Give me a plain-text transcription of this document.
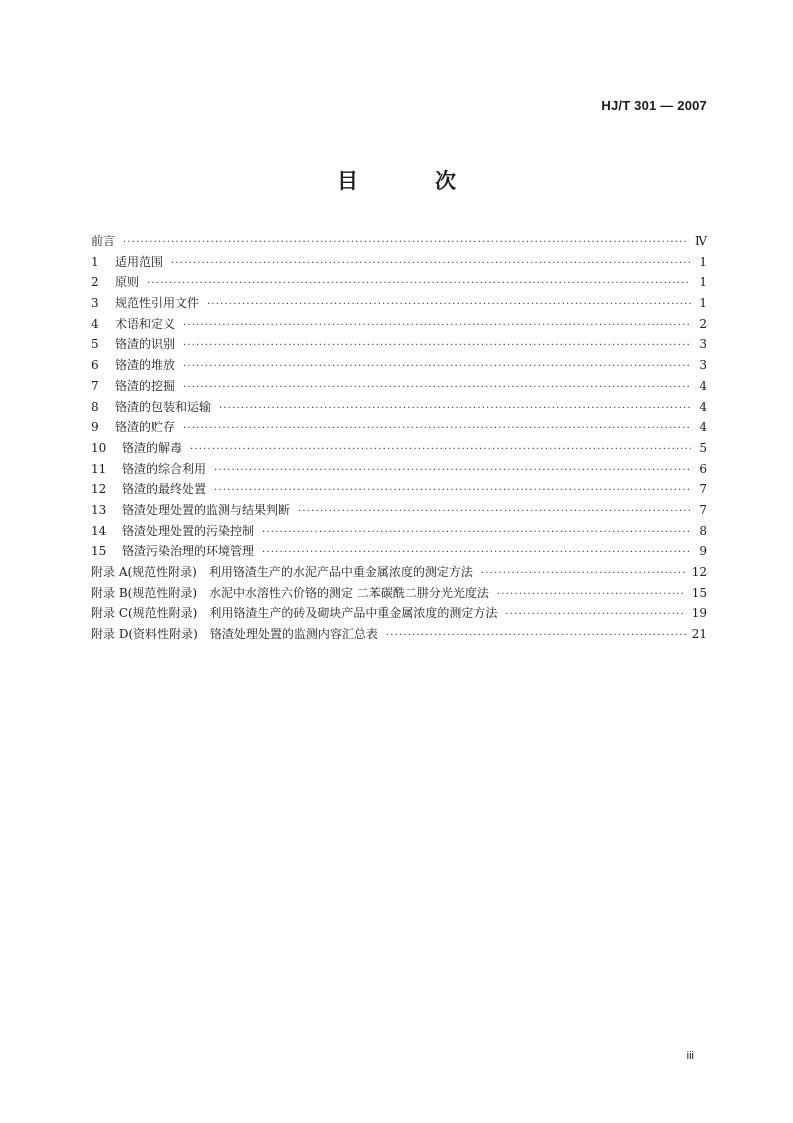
HJ/T 301 — 2007
目　次
前言 ·····	Ⅳ
1	适用范围 ·····	1
2	原则 ·····	1
3	规范性引用文件 ·····	1
4	术语和定义 ·····	2
5	铬渣的识别 ·····	3
6	铬渣的堆放 ·····	3
7	铬渣的挖掘 ·····	4
8	铬渣的包装和运输 ·····	4
9	铬渣的贮存 ·····	4
10	铬渣的解毒 ·····	5
11	铬渣的综合利用 ·····	6
12	铬渣的最终处置 ·····	7
13	铬渣处理处置的监测与结果判断 ·····	7
14	铬渣处理处置的污染控制 ·····	8
15	铬渣污染治理的环境管理 ·····	9
附录 A(规范性附录) 利用铬渣生产的水泥产品中重金属浓度的测定方法 ·····	12
附录 B(规范性附录) 水泥中水溶性六价铬的测定 二苯碳酰二肼分光光度法 ·····	15
附录 C(规范性附录) 利用铬渣生产的砖及砌块产品中重金属浓度的测定方法 ·····	19
附录 D(资料性附录) 铬渣处理处置的监测内容汇总表 ·····	21
iii
